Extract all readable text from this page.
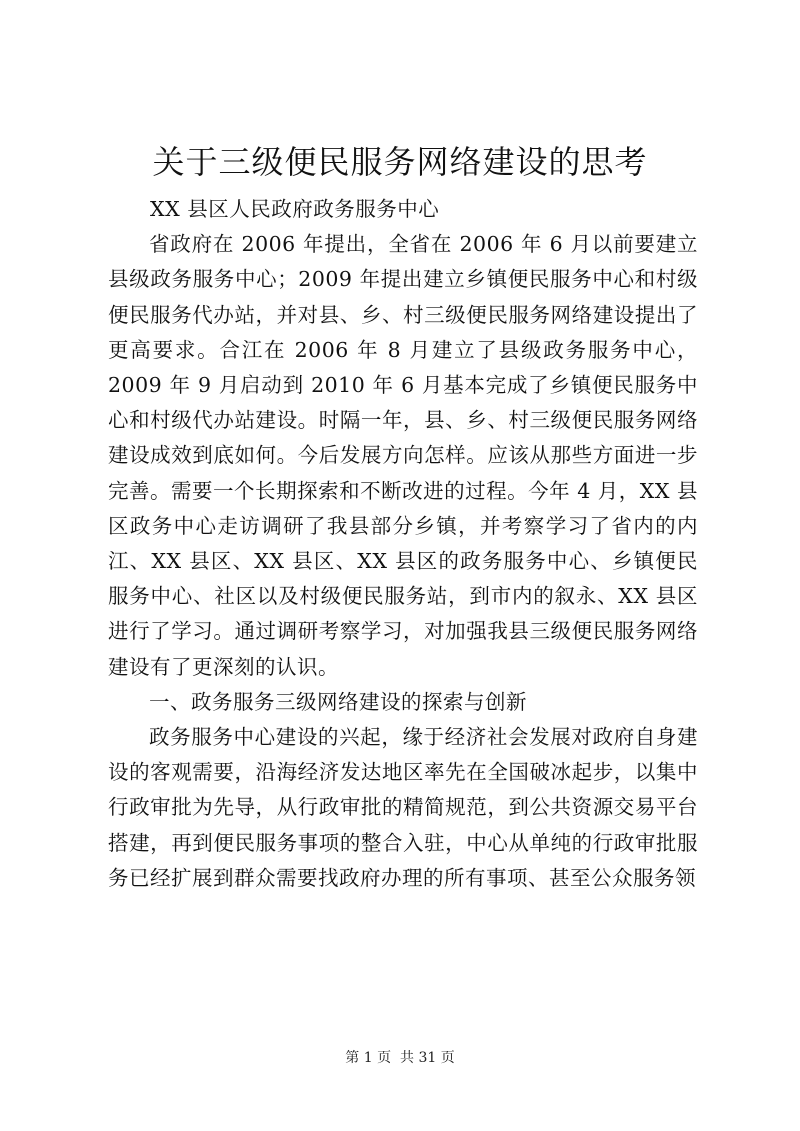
关于三级便民服务网络建设的思考

XX 县区人民政府政务服务中心

省政府在 2006 年提出，全省在 2006 年 6 月以前要建立县级政务服务中心；2009 年提出建立乡镇便民服务中心和村级便民服务代办站，并对县、乡、村三级便民服务网络建设提出了更高要求。合江在 2006 年 8 月建立了县级政务服务中心，2009 年 9 月启动到 2010 年 6 月基本完成了乡镇便民服务中心和村级代办站建设。时隔一年，县、乡、村三级便民服务网络建设成效到底如何。今后发展方向怎样。应该从那些方面进一步完善。需要一个长期探索和不断改进的过程。今年 4 月，XX 县区政务中心走访调研了我县部分乡镇，并考察学习了省内的内江、XX 县区、XX 县区、XX 县区的政务服务中心、乡镇便民服务中心、社区以及村级便民服务站，到市内的叙永、XX 县区进行了学习。通过调研考察学习，对加强我县三级便民服务网络建设有了更深刻的认识。

一、政务服务三级网络建设的探索与创新

政务服务中心建设的兴起，缘于经济社会发展对政府自身建设的客观需要，沿海经济发达地区率先在全国破冰起步，以集中行政审批为先导，从行政审批的精简规范，到公共资源交易平台搭建，再到便民服务事项的整合入驻，中心从单纯的行政审批服务已经扩展到群众需要找政府办理的所有事项、甚至公众服务领

第 1 页  共 31 页
